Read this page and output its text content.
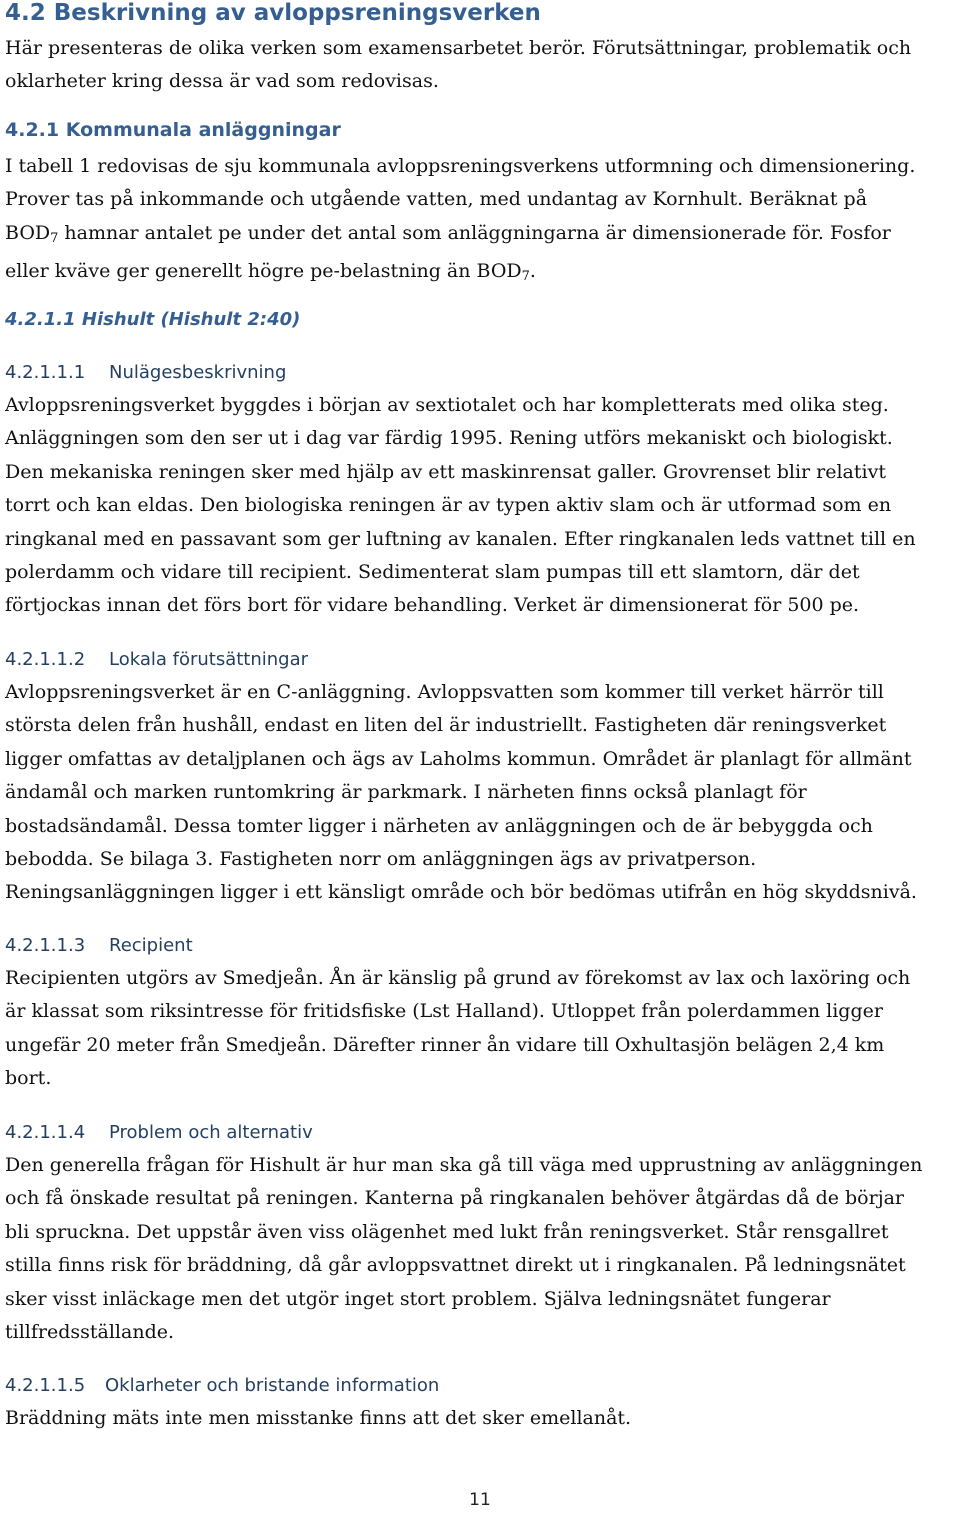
4.2 Beskrivning av avloppsreningsverken

Här presenteras de olika verken som examensarbetet berör. Förutsättningar, problematik och
oklarheter kring dessa är vad som redovisas.

4.2.1 Kommunala anläggningar

I tabell 1 redovisas de sju kommunala avloppsreningsverkens utformning och dimensionering.
Prover tas på inkommande och utgående vatten, med undantag av Kornhult. Beräknat på
$BOD_7$ hamnar antalet pe under det antal som anläggningarna är dimensionerade för. Fosfor
eller kväve ger generellt högre pe-belastning än $BOD_7$.

4.2.1.1 Hishult (Hishult 2:40)
4.2.1.1.1 Nulägesbeskrivning

Avloppsreningsverket byggdes i början av sextiotalet och har kompletterats med olika steg.
Anläggningen som den ser ut i dag var färdig 1995. Rening utförs mekaniskt och biologiskt.
Den mekaniska reningen sker med hjälp av ett maskinrensat galler. Grovrenset blir relativt
torrt och kan eldas. Den biologiska reningen är av typen aktiv slam och är utformad som en
ringkanal med en passavant som ger luftning av kanalen. Efter ringkanalen leds vattnet till en
polerdamm och vidare till recipient. Sedimenterat slam pumpas till ett slamtorn, där det
förtjockas innan det förs bort för vidare behandling. Verket är dimensionerat för 500 pe.

4.2.1.1.2 Lokala förutsättningar

Avloppsreningsverket är en C-anläggning. Avloppsvatten som kommer till verket härrör till
största delen från hushåll, endast en liten del är industriellt. Fastigheten där reningsverket
ligger omfattas av detaljplanen och ägs av Laholms kommun. Området är planlagt för allmänt
ändamål och marken runtomkring är parkmark. I närheten finns också planlagt för
bostadsändamål. Dessa tomter ligger i närheten av anläggningen och de är bebyggda och
bebodda. Se bilaga 3. Fastigheten norr om anläggningen ägs av privatperson.
Reningsanläggningen ligger i ett känsligt område och bör bedömas utifrån en hög skyddsnivå.

4.2.1.1.3 Recipient

Recipienten utgörs av Smedjeån. Ån är känslig på grund av förekomst av lax och laxöring och
är klassat som riksintresse för fritidsfiske (Lst Halland). Utloppet från polerdammen ligger
ungefär 20 meter från Smedjeån. Därefter rinner ån vidare till Oxhultasjön belägen 2,4 km
bort.

4.2.1.1.4 Problem och alternativ

Den generella frågan för Hishult är hur man ska gå till väga med upprustning av anläggningen
och få önskade resultat på reningen. Kanterna på ringkanalen behöver åtgärdas då de börjar
bli spruckna. Det uppstår även viss olägenhet med lukt från reningsverket. Står rensgallret
stilla finns risk för bräddning, då går avloppsvattnet direkt ut i ringkanalen. På ledningsnätet
sker visst inläckage men det utgör inget stort problem. Själva ledningsnätet fungerar
tillfredsställande.

4.2.1.1.5 Oklarheter och bristande information

Bräddning mäts inte men misstanke finns att det sker emellanåt.

11
